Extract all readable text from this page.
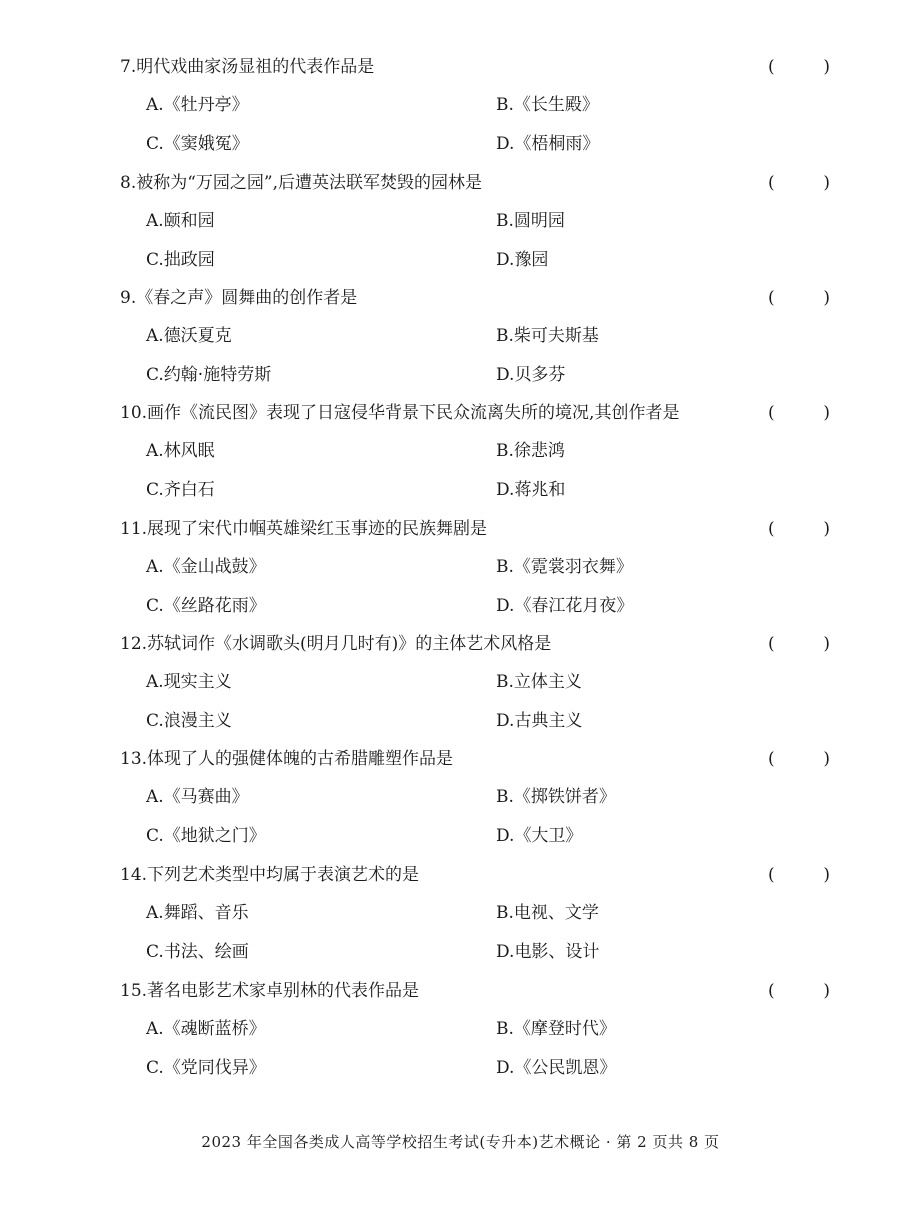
7.明代戏曲家汤显祖的代表作品是	(	)
A.《牡丹亭》	B.《长生殿》
C.《窦娥冤》	D.《梧桐雨》
8.被称为“万园之园”,后遭英法联军焚毁的园林是	(	)
A.颐和园	B.圆明园
C.拙政园	D.豫园
9.《春之声》圆舞曲的创作者是	(	)
A.德沃夏克	B.柴可夫斯基
C.约翰·施特劳斯	D.贝多芬
10.画作《流民图》表现了日寇侵华背景下民众流离失所的境况,其创作者是	(	)
A.林风眠	B.徐悲鸿
C.齐白石	D.蒋兆和
11.展现了宋代巾帼英雄梁红玉事迹的民族舞剧是	(	)
A.《金山战鼓》	B.《霓裳羽衣舞》
C.《丝路花雨》	D.《春江花月夜》
12.苏轼词作《水调歌头(明月几时有)》的主体艺术风格是	(	)
A.现实主义	B.立体主义
C.浪漫主义	D.古典主义
13.体现了人的强健体魄的古希腊雕塑作品是	(	)
A.《马赛曲》	B.《掷铁饼者》
C.《地狱之门》	D.《大卫》
14.下列艺术类型中均属于表演艺术的是	(	)
A.舞蹈、音乐	B.电视、文学
C.书法、绘画	D.电影、设计
15.著名电影艺术家卓别林的代表作品是	(	)
A.《魂断蓝桥》	B.《摩登时代》
C.《党同伐异》	D.《公民凯恩》
2023 年全国各类成人高等学校招生考试(专升本)艺术概论 · 第 2 页共 8 页
